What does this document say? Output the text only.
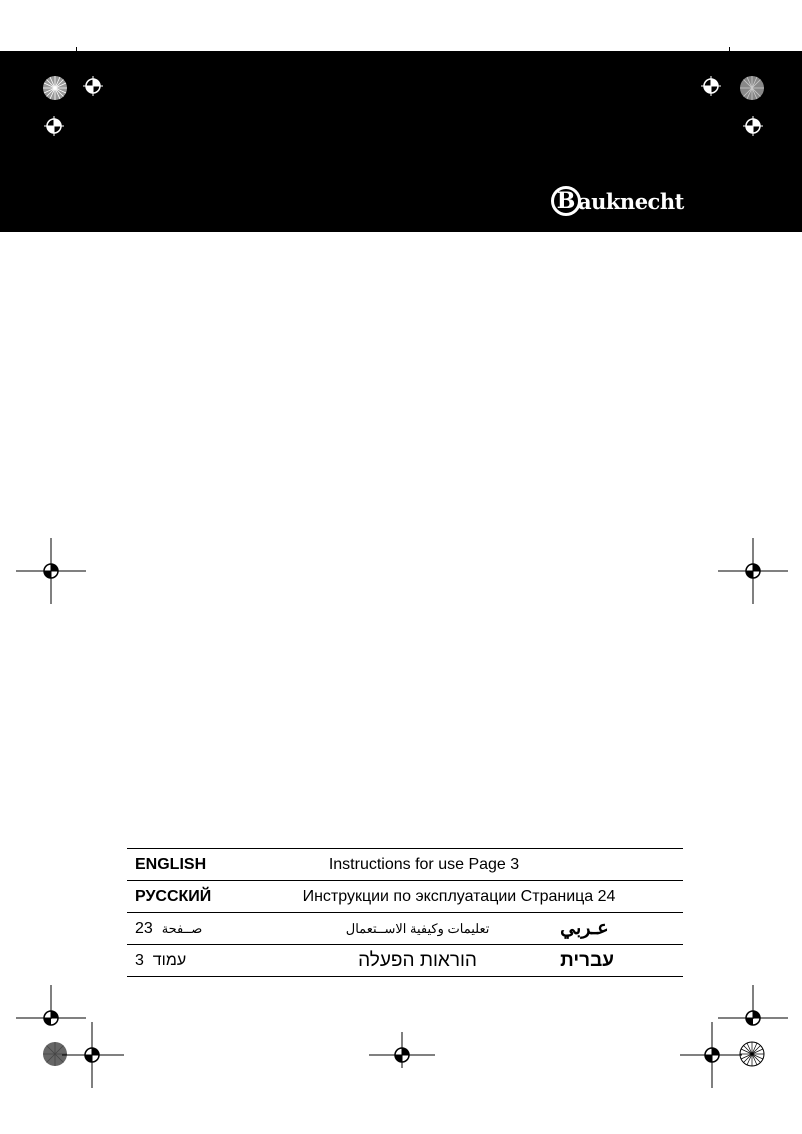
B auknecht
ENGLISH	Instructions for use Page 3	
РУССКИЙ	Инструкции по эксплуатации Страница 24	
23 صــفحة	تعليمات وكيفية الاســتعمال	عـربي
3 עמוד	הוראות הפעלה	עברית
